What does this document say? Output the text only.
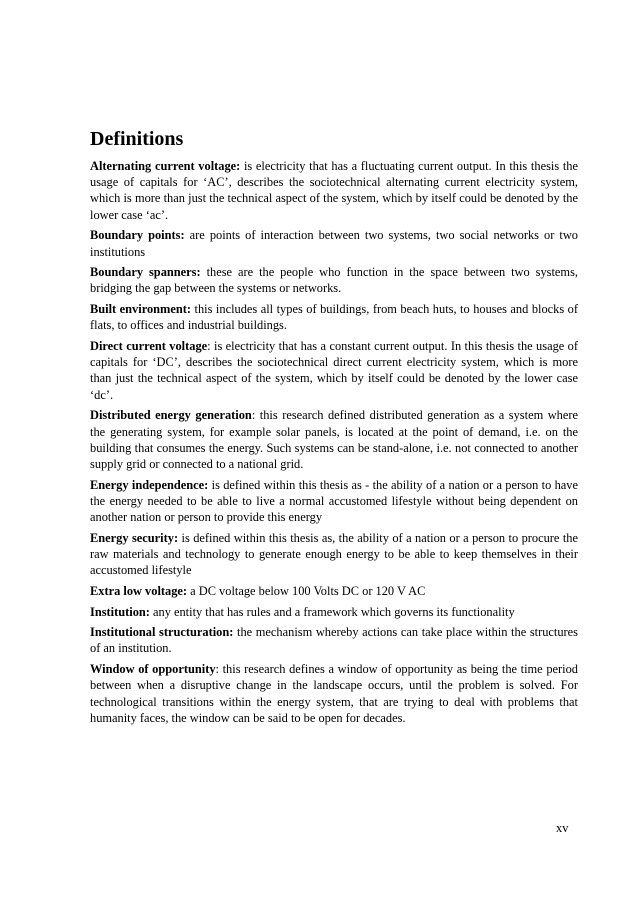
Definitions

Alternating current voltage: is electricity that has a fluctuating current output. In this thesis the usage of capitals for ‘AC’, describes the sociotechnical alternating current electricity system, which is more than just the technical aspect of the system, which by itself could be denoted by the lower case ‘ac’.

Boundary points: are points of interaction between two systems, two social networks or two institutions

Boundary spanners: these are the people who function in the space between two systems, bridging the gap between the systems or networks.

Built environment: this includes all types of buildings, from beach huts, to houses and blocks of flats, to offices and industrial buildings.

Direct current voltage: is electricity that has a constant current output. In this thesis the usage of capitals for ‘DC’, describes the sociotechnical direct current electricity system, which is more than just the technical aspect of the system, which by itself could be denoted by the lower case ‘dc’.

Distributed energy generation: this research defined distributed generation as a system where the generating system, for example solar panels, is located at the point of demand, i.e. on the building that consumes the energy. Such systems can be stand-alone, i.e. not connected to another supply grid or connected to a national grid.

Energy independence: is defined within this thesis as - the ability of a nation or a person to have the energy needed to be able to live a normal accustomed lifestyle without being dependent on another nation or person to provide this energy

Energy security: is defined within this thesis as, the ability of a nation or a person to procure the raw materials and technology to generate enough energy to be able to keep themselves in their accustomed lifestyle

Extra low voltage: a DC voltage below 100 Volts DC or 120 V AC

Institution: any entity that has rules and a framework which governs its functionality

Institutional structuration: the mechanism whereby actions can take place within the structures of an institution.

Window of opportunity: this research defines a window of opportunity as being the time period between when a disruptive change in the landscape occurs, until the problem is solved. For technological transitions within the energy system, that are trying to deal with problems that humanity faces, the window can be said to be open for decades.

xv
